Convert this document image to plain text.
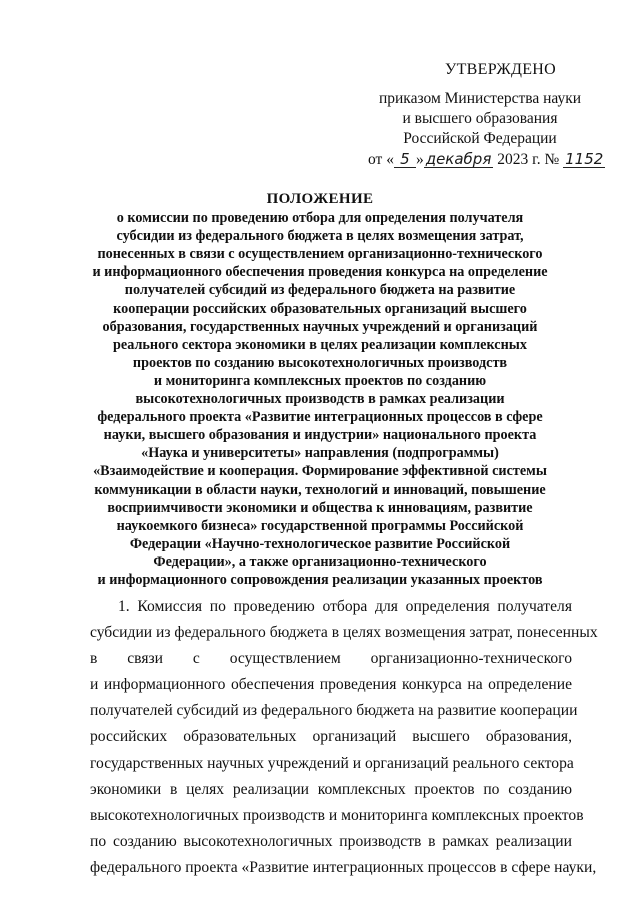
УТВЕРЖДЕНО
приказом Министерства науки
и высшего образования
Российской Федерации
от « 5 » декабря 2023 г. № 1152
ПОЛОЖЕНИЕ
о комиссии по проведению отбора для определения получателя
субсидии из федерального бюджета в целях возмещения затрат,
понесенных в связи с осуществлением организационно-технического
и информационного обеспечения проведения конкурса на определение
получателей субсидий из федерального бюджета на развитие
кооперации российских образовательных организаций высшего
образования, государственных научных учреждений и организаций
реального сектора экономики в целях реализации комплексных
проектов по созданию высокотехнологичных производств
и мониторинга комплексных проектов по созданию
высокотехнологичных производств в рамках реализации
федерального проекта «Развитие интеграционных процессов в сфере
науки, высшего образования и индустрии» национального проекта
«Наука и университеты» направления (подпрограммы)
«Взаимодействие и кооперация. Формирование эффективной системы
коммуникации в области науки, технологий и инноваций, повышение
восприимчивости экономики и общества к инновациям, развитие
наукоемкого бизнеса» государственной программы Российской
Федерации «Научно-технологическое развитие Российской
Федерации», а также организационно-технического
и информационного сопровождения реализации указанных проектов
1. Комиссия по проведению отбора для определения получателя
субсидии из федерального бюджета в целях возмещения затрат, понесенных
в связи с осуществлением организационно-технического
и информационного обеспечения проведения конкурса на определение
получателей субсидий из федерального бюджета на развитие кооперации
российских образовательных организаций высшего образования,
государственных научных учреждений и организаций реального сектора
экономики в целях реализации комплексных проектов по созданию
высокотехнологичных производств и мониторинга комплексных проектов
по созданию высокотехнологичных производств в рамках реализации
федерального проекта «Развитие интеграционных процессов в сфере науки,
